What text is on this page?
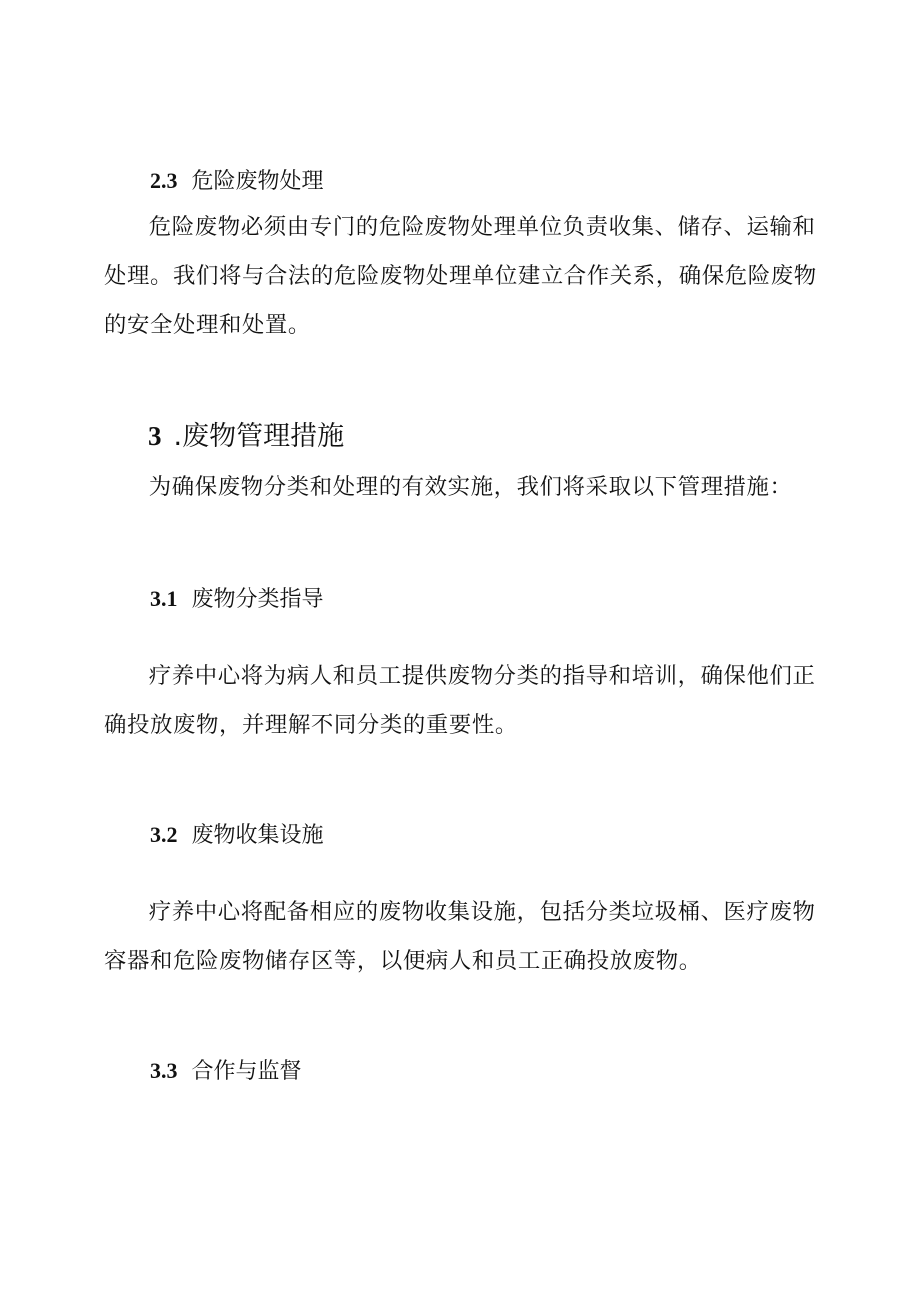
2.3 危险废物处理

危险废物必须由专门的危险废物处理单位负责收集、储存、运输和处理。我们将与合法的危险废物处理单位建立合作关系，确保危险废物的安全处理和处置。

3 .废物管理措施

为确保废物分类和处理的有效实施，我们将采取以下管理措施：

3.1 废物分类指导

疗养中心将为病人和员工提供废物分类的指导和培训，确保他们正确投放废物，并理解不同分类的重要性。

3.2 废物收集设施

疗养中心将配备相应的废物收集设施，包括分类垃圾桶、医疗废物容器和危险废物储存区等，以便病人和员工正确投放废物。

3.3 合作与监督
